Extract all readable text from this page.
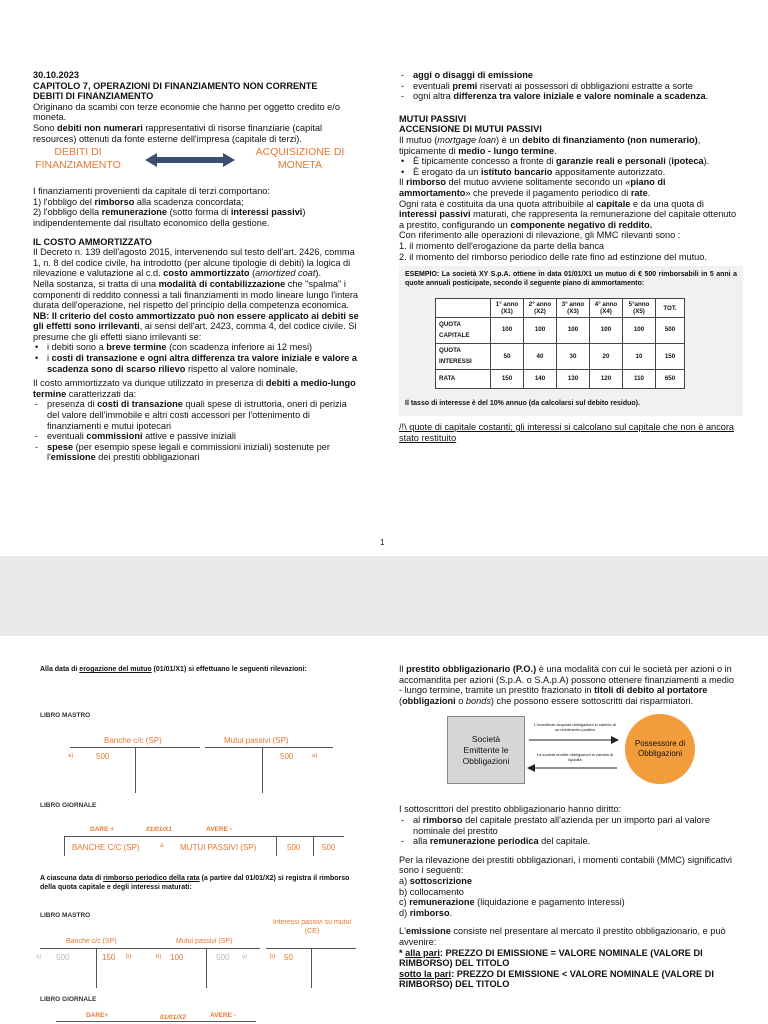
30.10.2023

CAPITOLO 7, OPERAZIONI DI FINANZIAMENTO NON CORRENTE

DEBITI DI FINANZIAMENTO

Originano da scambi con terze economie che hanno per oggetto credito e/o moneta.

Sono debiti non numerari rappresentativi di risorse finanziarie (capital resources) ottenuti da fonte esterne dell'impresa (capitale di terzi).

DEBITI DI FINANZIAMENTO
ACQUISIZIONE DI MONETA

I finanziamenti provenienti da capitale di terzi comportano:

1) l'obbligo del rimborso alla scadenza concordata;

2) l'obbligo della remunerazione (sotto forma di interessi passivi) indipendentemente dal risultato economico della gestione.

IL COSTO AMMORTIZZATO

Il Decreto n. 139 dell'agosto 2015, intervenendo sul testo dell'art. 2426, comma 1, n. 8 del codice civile, ha introdotto (per alcune tipologie di debiti) la logica di rilevazione e valutazione al c.d. costo ammortizzato (amortized coat).

Nella sostanza, si tratta di una modalità di contabilizzazione che "spalma" i componenti di reddito connessi a tali finanziamenti in modo lineare lungo l'intera durata dell'operazione, nel rispetto del principio della competenza economica.

NB: Il criterio del costo ammortizzato può non essere applicato ai debiti se gli effetti sono irrilevanti, ai sensi dell'art. 2423, comma 4, del codice civile. Si presume che gli effetti siano irrilevanti se:

• i debiti sono a breve termine (con scadenza inferiore ai 12 mesi)
• i costi di transazione e ogni altra differenza tra valore iniziale e valore a scadenza sono di scarso rilievo rispetto al valore nominale.

Il costo ammortizzato va dunque utilizzato in presenza di debiti a medio-lungo termine caratterizzati da:

- presenza di costi di transazione quali spese di istruttoria, oneri di perizia del valore dell'immobile e altri costi accessori per l'ottenimento di finanziamenti e mutui ipotecari
- eventuali commissioni attive e passive iniziali
- spese (per esempio spese legali e commissioni iniziali) sostenute per l'emissione dei prestiti obbligazionari
- aggi o disaggi di emissione
- eventuali premi riservati ai possessori di obbligazioni estratte a sorte
- ogni altra differenza tra valore iniziale e valore nominale a scadenza.

MUTUI PASSIVI

ACCENSIONE DI MUTUI PASSIVI

Il mutuo (mortgage loan) è un debito di finanziamento (non numerario), tipicamente di medio - lungo termine.

• È tipicamente concesso a fronte di garanzie reali e personali (ipoteca).
• È erogato da un istituto bancario appositamente autorizzato.

Il rimborso del mutuo avviene solitamente secondo un «piano di ammortamento» che prevede il pagamento periodico di rate.

Ogni rata è costituita da una quota attribuibile al capitale e da una quota di interessi passivi maturati, che rappresenta la remunerazione del capitale ottenuto a prestito, configurando un componente negativo di reddito.

Con riferimento alle operazioni di rilevazione, gli MMC rilevanti sono :

1. il momento dell'erogazione da parte della banca

2. il momento del rimborso periodico delle rate fino ad estinzione del mutuo.

ESEMPIO: La società XY S.p.A. ottiene in data 01/01/X1 un mutuo di € 500 rimborsabili in 5 anni a quote annuali posticipate, secondo il seguente piano di ammortamento:

	1° anno (X1)	2° anno (X2)	3° anno (X3)	4° anno (X4)	5°anno (X5)	TOT.
QUOTA CAPITALE	100	100	100	100	100	500
QUOTA INTERESSI	50	40	30	20	10	150
RATA	150	140	130	120	110	650

Il tasso di interesse è del 10% annuo (da calcolarsi sul debito residuo).

/!\ quote di capitale costanti; gli interessi si calcolano sul capitale che non è ancora stato restituito

1

Alla data di erogazione del mutuo (01/01/X1) si effettuano le seguenti rilevazioni:

LIBRO MASTRO
Banche c/c (SP)
a)	500
Mutui passivi (SP)
500	a)
LIBRO GIORNALE
DARE +	01/01/X1	AVERE -
BANCHE C/C (SP)	a MUTUI PASSIVI (SP)	500	500

A ciascuna data di rimborso periodico della rata (a partire dal 01/01/X2) si registra il rimborso della quota capitale e degli interessi maturati:

LIBRO MASTRO
Banche c/c (SP)
a) 500	150 b)
Mutui passivi (SP)
b) 100	500 a)
Interessi passivi su mutui (CE)
b) 50
LIBRO GIORNALE
DARE+	01/01/X2	AVERE -

Il prestito obbligazionario (P.O.) è una modalità con cui le società per azioni o in accomandita per azioni (S.p.A. o S.A.p.A) possono ottenere finanziamenti a medio - lungo termine, tramite un prestito frazionato in titoli di debito al portatore (obbligazioni o bonds) che possono essere sottoscritti dai risparmiatori.

Società Emittente le Obbligazioni
L'investitore acquista obbligazioni in cambio di un rendimento positivo
La società emette obbligazioni in cambio di liquidità
Possessore di Obbligazioni

I sottoscrittori del prestito obbligazionario hanno diritto:

- al rimborso del capitale prestato all'azienda per un importo pari al valore nominale del prestito
- alla remunerazione periodica del capitale.

Per la rilevazione dei prestiti obbligazionari, i momenti contabili (MMC) significativi sono i seguenti:

a) sottoscrizione

b) collocamento

c) remunerazione (liquidazione e pagamento interessi)

d) rimborso.

L'emissione consiste nel presentare al mercato il prestito obbligazionario, e può avvenire:

* alla pari: PREZZO DI EMISSIONE = VALORE NOMINALE (VALORE DI RIMBORSO) DEL TITOLO

sotto la pari: PREZZO DI EMISSIONE < VALORE NOMINALE (VALORE DI RIMBORSO) DEL TITOLO
